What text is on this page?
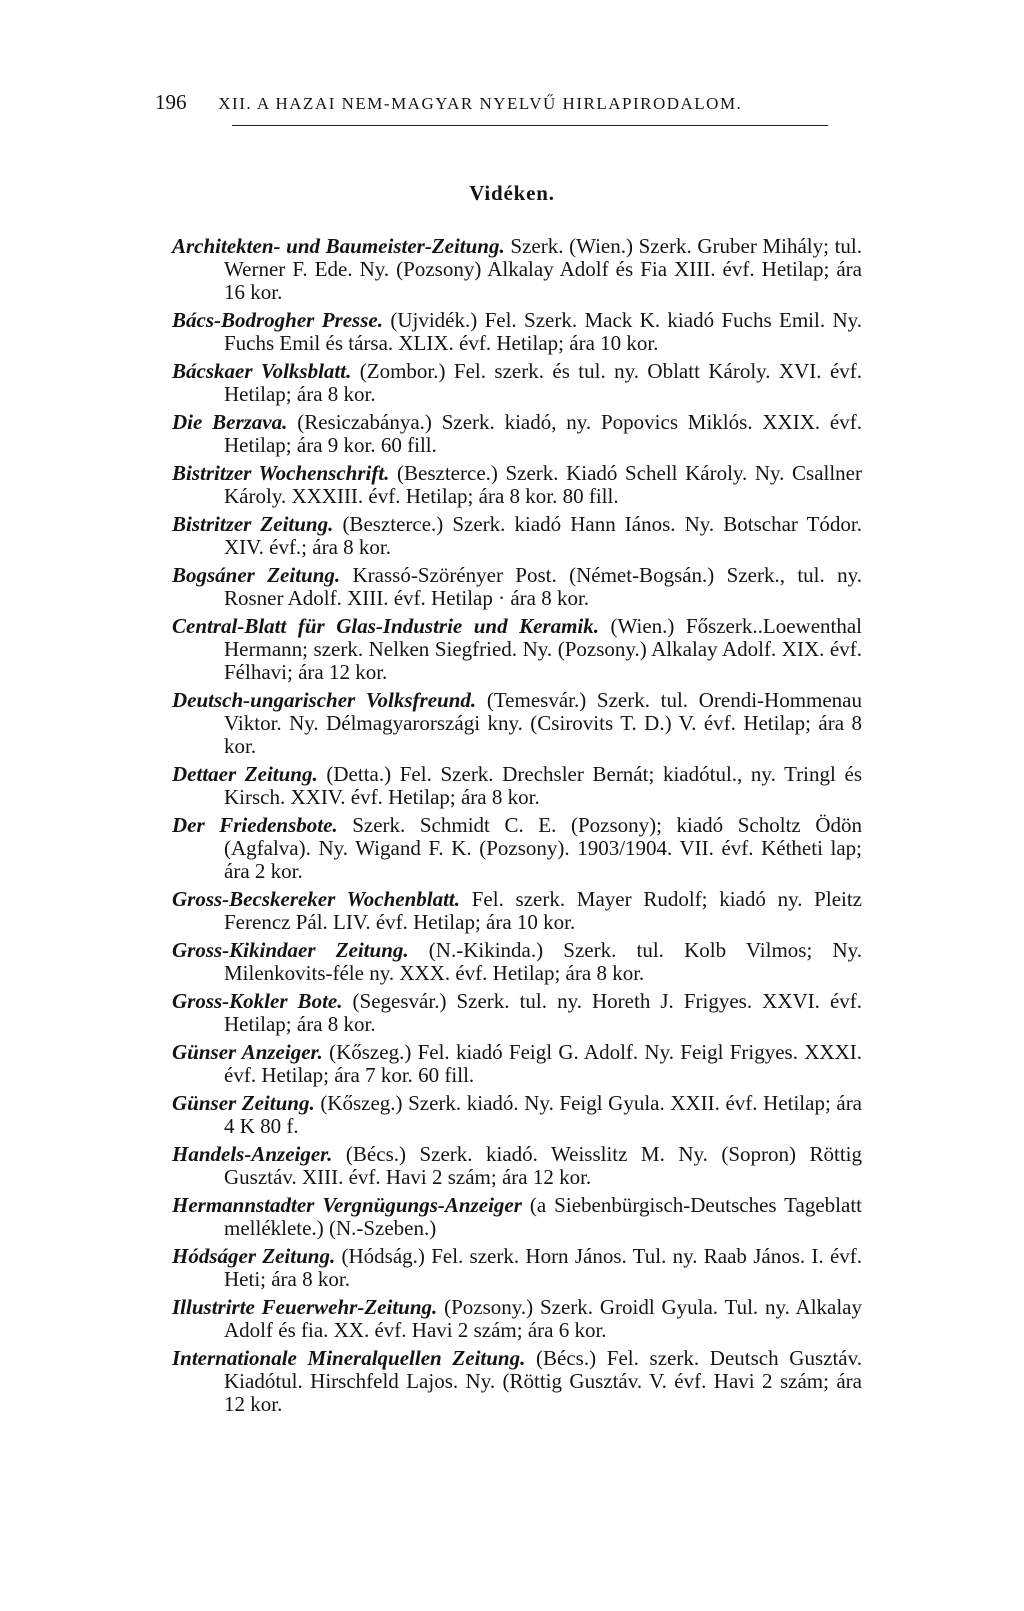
196 XII. A HAZAI NEM-MAGYAR NYELVŰ HIRLAPIRODALOM.
Vidéken.
Architekten- und Baumeister-Zeitung. Szerk. (Wien.) Szerk. Gruber Mihály; tul. Werner F. Ede. Ny. (Pozsony) Alkalay Adolf és Fia XIII. évf. Hetilap; ára 16 kor.
Bács-Bodrogher Presse. (Ujvidék.) Fel. Szerk. Mack K. kiadó Fuchs Emil. Ny. Fuchs Emil és társa. XLIX. évf. Hetilap; ára 10 kor.
Bácskaer Volksblatt. (Zombor.) Fel. szerk. és tul. ny. Oblatt Károly. XVI. évf. Hetilap; ára 8 kor.
Die Berzava. (Resiczabánya.) Szerk. kiadó, ny. Popovics Miklós. XXIX. évf. Hetilap; ára 9 kor. 60 fill.
Bistritzer Wochenschrift. (Beszterce.) Szerk. Kiadó Schell Károly. Ny. Csallner Károly. XXXIII. évf. Hetilap; ára 8 kor. 80 fill.
Bistritzer Zeitung. (Beszterce.) Szerk. kiadó Hann Iános. Ny. Botschar Tódor. XIV. évf.; ára 8 kor.
Bogsáner Zeitung. Krassó-Szörényer Post. (Német-Bogsán.) Szerk., tul. ny. Rosner Adolf. XIII. évf. Hetilap · ára 8 kor.
Central-Blatt für Glas-Industrie und Keramik. (Wien.) Főszerk..Loewenthal Hermann; szerk. Nelken Siegfried. Ny. (Pozsony.) Alkalay Adolf. XIX. évf. Félhavi; ára 12 kor.
Deutsch-ungarischer Volksfreund. (Temesvár.) Szerk. tul. Orendi-Hommenau Viktor. Ny. Délmagyarországi kny. (Csirovits T. D.) V. évf. Hetilap; ára 8 kor.
Dettaer Zeitung. (Detta.) Fel. Szerk. Drechsler Bernát; kiadótul., ny. Tringl és Kirsch. XXIV. évf. Hetilap; ára 8 kor.
Der Friedensbote. Szerk. Schmidt C. E. (Pozsony); kiadó Scholtz Ödön (Agfalva). Ny. Wigand F. K. (Pozsony). 1903/1904. VII. évf. Kétheti lap; ára 2 kor.
Gross-Becskereker Wochenblatt. Fel. szerk. Mayer Rudolf; kiadó ny. Pleitz Ferencz Pál. LIV. évf. Hetilap; ára 10 kor.
Gross-Kikindaer Zeitung. (N.-Kikinda.) Szerk. tul. Kolb Vilmos; Ny. Milenkovits-féle ny. XXX. évf. Hetilap; ára 8 kor.
Gross-Kokler Bote. (Segesvár.) Szerk. tul. ny. Horeth J. Frigyes. XXVI. évf. Hetilap; ára 8 kor.
Günser Anzeiger. (Kőszeg.) Fel. kiadó Feigl G. Adolf. Ny. Feigl Frigyes. XXXI. évf. Hetilap; ára 7 kor. 60 fill.
Günser Zeitung. (Kőszeg.) Szerk. kiadó. Ny. Feigl Gyula. XXII. évf. Hetilap; ára 4 K 80 f.
Handels-Anzeiger. (Bécs.) Szerk. kiadó. Weisslitz M. Ny. (Sopron) Röttig Gusztáv. XIII. évf. Havi 2 szám; ára 12 kor.
Hermannstadter Vergnügungs-Anzeiger (a Siebenbürgisch-Deutsches Tageblatt melléklete.) (N.-Szeben.)
Hódságer Zeitung. (Hódság.) Fel. szerk. Horn János. Tul. ny. Raab János. I. évf. Heti; ára 8 kor.
Illustrirte Feuerwehr-Zeitung. (Pozsony.) Szerk. Groidl Gyula. Tul. ny. Alkalay Adolf és fia. XX. évf. Havi 2 szám; ára 6 kor.
Internationale Mineralquellen Zeitung. (Bécs.) Fel. szerk. Deutsch Gusztáv. Kiadótul. Hirschfeld Lajos. Ny. (Röttig Gusztáv. V. évf. Havi 2 szám; ára 12 kor.
